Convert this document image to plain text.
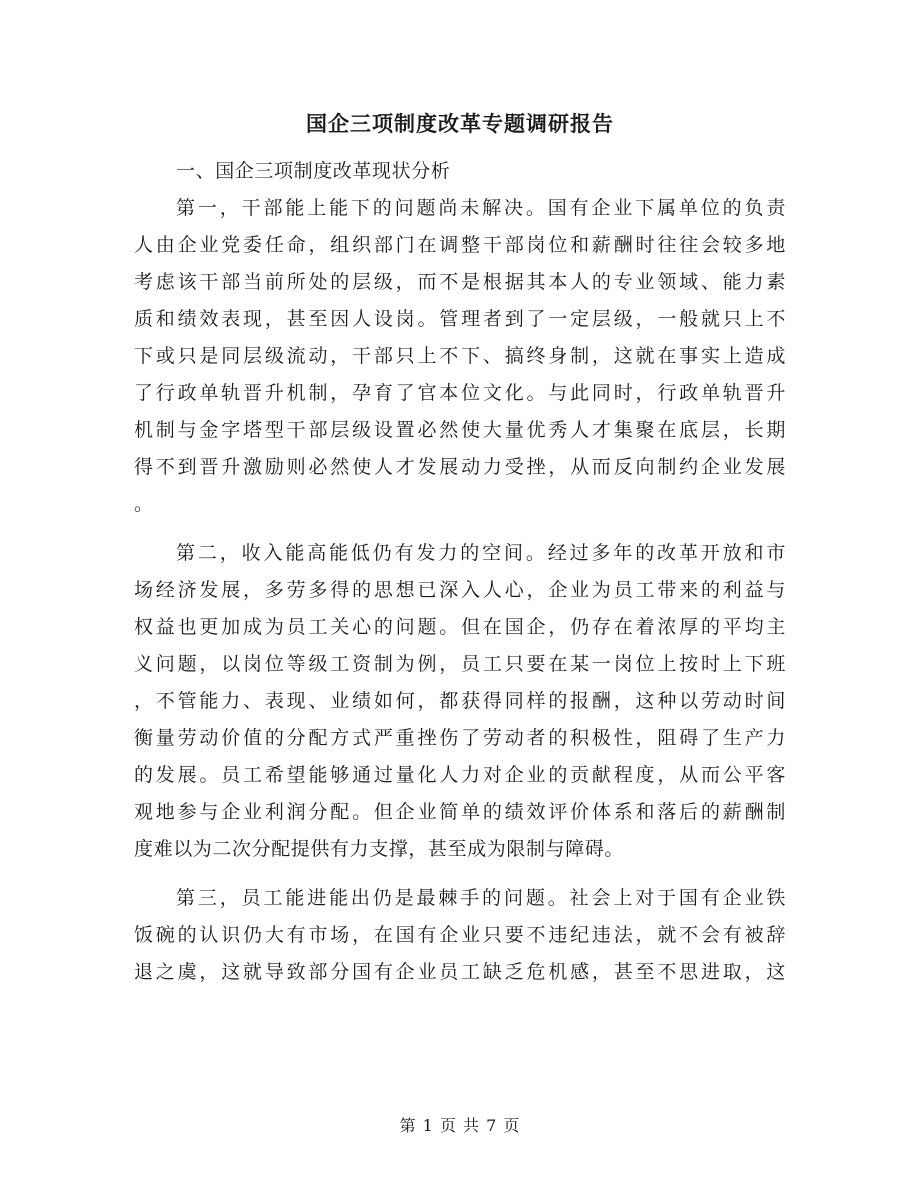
国企三项制度改革专题调研报告
一、国企三项制度改革现状分析
第一，干部能上能下的问题尚未解决。国有企业下属单位的负责
人由企业党委任命，组织部门在调整干部岗位和薪酬时往往会较多地
考虑该干部当前所处的层级，而不是根据其本人的专业领域、能力素
质和绩效表现，甚至因人设岗。管理者到了一定层级，一般就只上不
下或只是同层级流动，干部只上不下、搞终身制，这就在事实上造成
了行政单轨晋升机制，孕育了官本位文化。与此同时，行政单轨晋升
机制与金字塔型干部层级设置必然使大量优秀人才集聚在底层，长期
得不到晋升激励则必然使人才发展动力受挫，从而反向制约企业发展
。
第二，收入能高能低仍有发力的空间。经过多年的改革开放和市
场经济发展，多劳多得的思想已深入人心，企业为员工带来的利益与
权益也更加成为员工关心的问题。但在国企，仍存在着浓厚的平均主
义问题，以岗位等级工资制为例，员工只要在某一岗位上按时上下班
，不管能力、表现、业绩如何，都获得同样的报酬，这种以劳动时间
衡量劳动价值的分配方式严重挫伤了劳动者的积极性，阻碍了生产力
的发展。员工希望能够通过量化人力对企业的贡献程度，从而公平客
观地参与企业利润分配。但企业简单的绩效评价体系和落后的薪酬制
度难以为二次分配提供有力支撑，甚至成为限制与障碍。
第三，员工能进能出仍是最棘手的问题。社会上对于国有企业铁
饭碗的认识仍大有市场，在国有企业只要不违纪违法，就不会有被辞
退之虞，这就导致部分国有企业员工缺乏危机感，甚至不思进取，这
第 1 页 共 7 页
